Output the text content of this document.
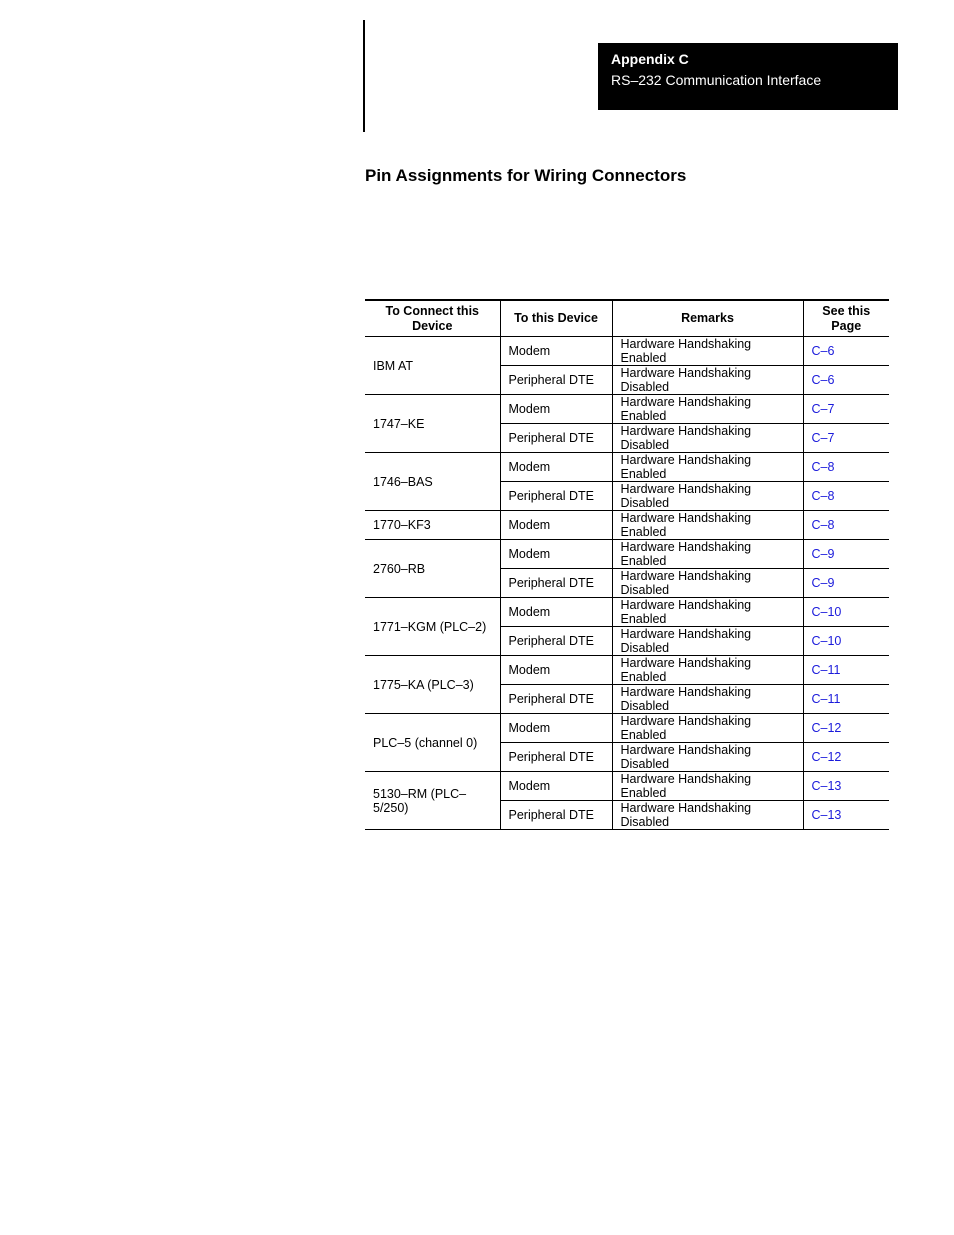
Appendix C
RS–232 Communication Interface
Pin Assignments for Wiring Connectors
To Connect this Device	To this Device	Remarks	See this Page
IBM AT	Modem	Hardware Handshaking Enabled	C–6
	Peripheral DTE	Hardware Handshaking Disabled	C–6
1747–KE	Modem	Hardware Handshaking Enabled	C–7
	Peripheral DTE	Hardware Handshaking Disabled	C–7
1746–BAS	Modem	Hardware Handshaking Enabled	C–8
	Peripheral DTE	Hardware Handshaking Disabled	C–8
1770–KF3	Modem	Hardware Handshaking Enabled	C–8
2760–RB	Modem	Hardware Handshaking Enabled	C–9
	Peripheral DTE	Hardware Handshaking Disabled	C–9
1771–KGM (PLC–2)	Modem	Hardware Handshaking Enabled	C–10
	Peripheral DTE	Hardware Handshaking Disabled	C–10
1775–KA (PLC–3)	Modem	Hardware Handshaking Enabled	C–11
	Peripheral DTE	Hardware Handshaking Disabled	C–11
PLC–5 (channel 0)	Modem	Hardware Handshaking Enabled	C–12
	Peripheral DTE	Hardware Handshaking Disabled	C–12
5130–RM (PLC–5/250)	Modem	Hardware Handshaking Enabled	C–13
	Peripheral DTE	Hardware Handshaking Disabled	C–13
